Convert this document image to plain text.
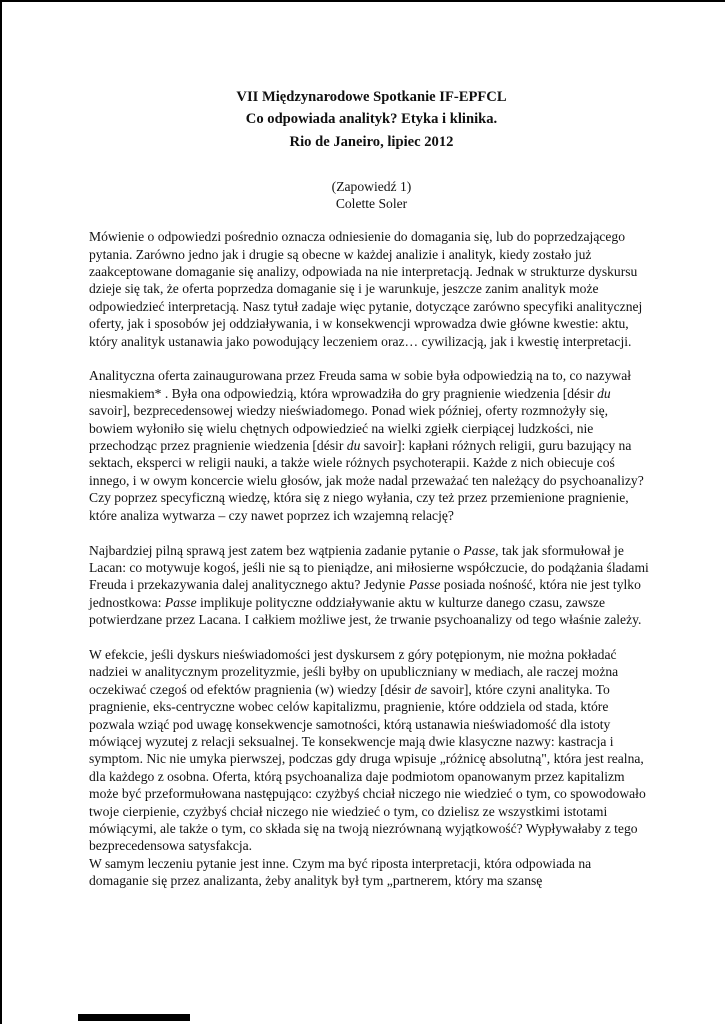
VII Międzynarodowe Spotkanie IF-EPFCL
Co odpowiada analityk? Etyka i klinika.
Rio de Janeiro, lipiec 2012
(Zapowiedź 1)
Colette Soler

Mówienie o odpowiedzi pośrednio oznacza odniesienie do domagania się, lub do poprzedzającego pytania. Zarówno jedno jak i drugie są obecne w każdej analizie i analityk, kiedy zostało już zaakceptowane domaganie się analizy, odpowiada na nie interpretacją. Jednak w strukturze dyskursu dzieje się tak, że oferta poprzedza domaganie się i je warunkuje, jeszcze zanim analityk może odpowiedzieć interpretacją. Nasz tytuł zadaje więc pytanie, dotyczące zarówno specyfiki analitycznej oferty, jak i sposobów jej oddziaływania, i w konsekwencji wprowadza dwie główne kwestie: aktu, który analityk ustanawia jako powodujący leczeniem oraz… cywilizacją, jak i kwestię interpretacji.

Analityczna oferta zainaugurowana przez Freuda sama w sobie była odpowiedzią na to, co nazywał niesmakiem* . Była ona odpowiedzią, która wprowadziła do gry pragnienie wiedzenia [désir du savoir], bezprecedensowej wiedzy nieświadomego. Ponad wiek później, oferty rozmnożyły się, bowiem wyłoniło się wielu chętnych odpowiedzieć na wielki zgiełk cierpiącej ludzkości, nie przechodząc przez pragnienie wiedzenia [désir du savoir]: kapłani różnych religii, guru bazujący na sektach, eksperci w religii nauki, a także wiele różnych psychoterapii. Każde z nich obiecuje coś innego, i w owym koncercie wielu głosów, jak może nadal przeważać ten należący do psychoanalizy? Czy poprzez specyficzną wiedzę, która się z niego wyłania, czy też przez przemienione pragnienie, które analiza wytwarza – czy nawet poprzez ich wzajemną relację?

Najbardziej pilną sprawą jest zatem bez wątpienia zadanie pytanie o Passe, tak jak sformułował je Lacan: co motywuje kogoś, jeśli nie są to pieniądze, ani miłosierne współczucie, do podążania śladami Freuda i przekazywania dalej analitycznego aktu? Jedynie Passe posiada nośność, która nie jest tylko jednostkowa: Passe implikuje polityczne oddziaływanie aktu w kulturze danego czasu, zawsze potwierdzane przez Lacana. I całkiem możliwe jest, że trwanie psychoanalizy od tego właśnie zależy.

W efekcie, jeśli dyskurs nieświadomości jest dyskursem z góry potępionym, nie można pokładać nadziei w analitycznym prozelityzmie, jeśli byłby on upubliczniany w mediach, ale raczej można oczekiwać czegoś od efektów pragnienia (w) wiedzy [désir de savoir], które czyni analityka. To pragnienie, eks-centryczne wobec celów kapitalizmu, pragnienie, które oddziela od stada, które pozwala wziąć pod uwagę konsekwencje samotności, którą ustanawia nieświadomość dla istoty mówiącej wyzutej z relacji seksualnej. Te konsekwencje mają dwie klasyczne nazwy: kastracja i symptom. Nic nie umyka pierwszej, podczas gdy druga wpisuje „różnicę absolutną", która jest realna, dla każdego z osobna. Oferta, którą psychoanaliza daje podmiotom opanowanym przez kapitalizm może być przeformułowana następująco: czyżbyś chciał niczego nie wiedzieć o tym, co spowodowało twoje cierpienie, czyżbyś chciał niczego nie wiedzieć o tym, co dzielisz ze wszystkimi istotami mówiącymi, ale także o tym, co składa się na twoją niezrównaną wyjątkowość? Wypływałaby z tego bezprecedensowa satysfakcja.

W samym leczeniu pytanie jest inne. Czym ma być riposta interpretacji, która odpowiada na domaganie się przez analizanta, żeby analityk był tym „partnerem, który ma szansę
